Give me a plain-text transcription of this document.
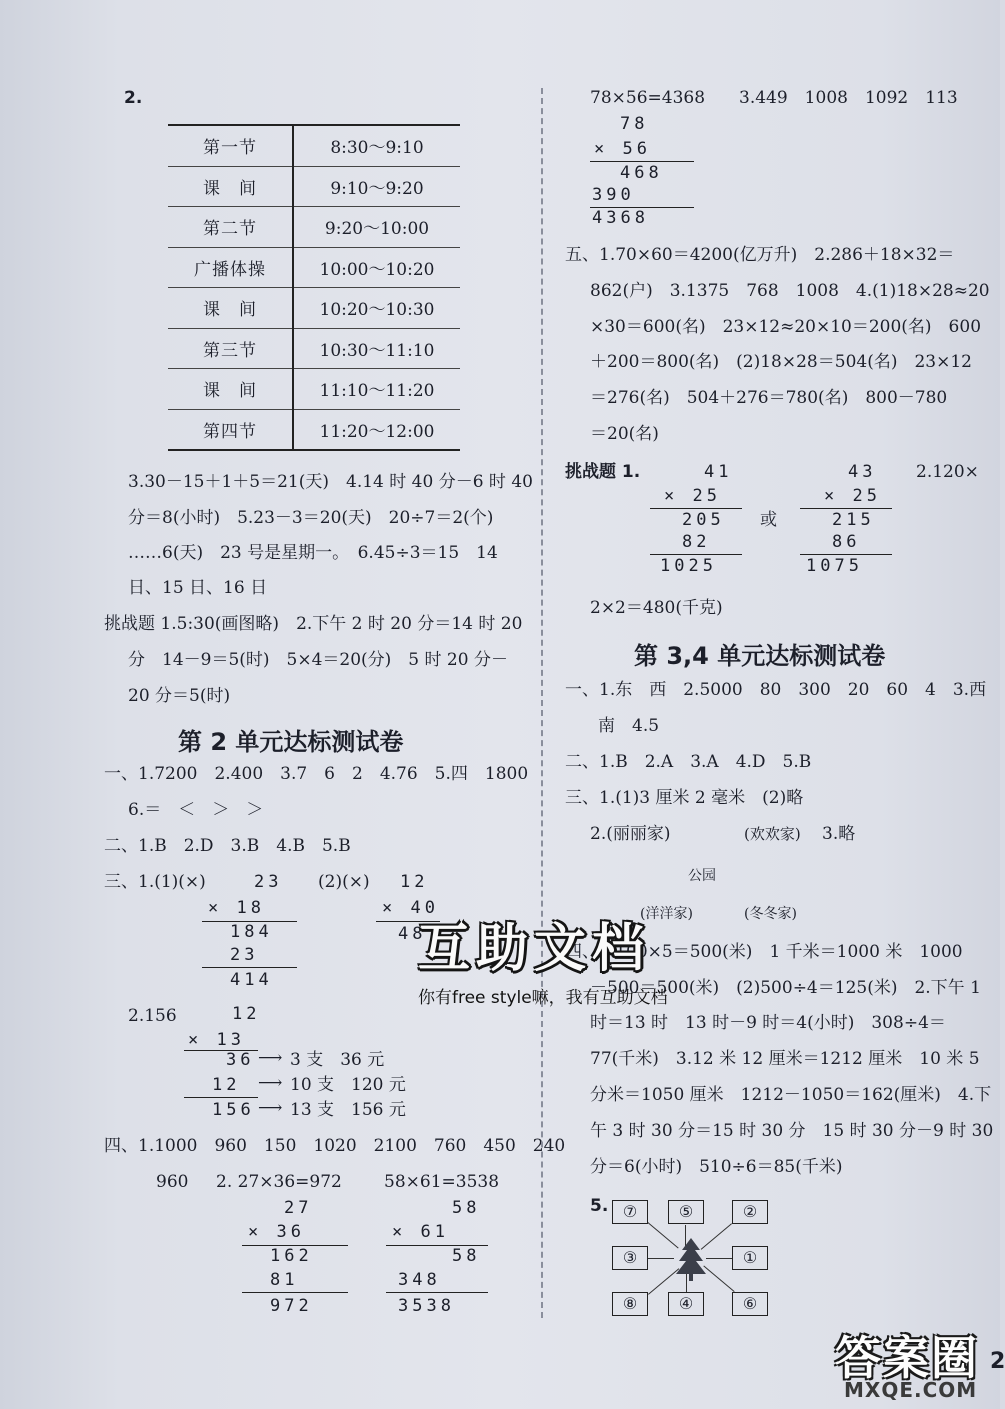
2.
第一节	8:30～9:10
课　间	9:10～9:20
第二节	9:20～10:00
广播体操	10:00～10:20
课　间	10:20～10:30
第三节	10:30～11:10
课　间	11:10～11:20
第四节	11:20～12:00
3.30－15＋1＋5＝21(天)　4.14 时 40 分－6 时 40
分＝8(小时)　5.23－3＝20(天)　20÷7＝2(个)
……6(天)　23 号是星期一。　6.45÷3＝15　14
日、15 日、16 日
挑战题 1.5:30(画图略)　2.下午 2 时 20 分＝14 时 20
分　14－9＝5(时)　5×4＝20(分)　5 时 20 分－
20 分＝5(时)
第 2 单元达标测试卷
一、1.7200　2.400　3.7　6　2　4.76　5.四　1800
6.＝　＜　＞　＞
二、1.B　2.D　3.B　4.B　5.B
三、1.(1)(×)	23
× 18
184
23
414
(2)(×) 12
× 40
48
2.156	12
× 13
36
12
156
⟶ 3 支　36 元
⟶ 10 支　120 元
⟶ 13 支　156 元
四、1.1000　960　150　1020　2100　760　450　240
960 2. 27×36=972 58×61=3538
27
× 36
162
81
972
58
× 61
58
348
3538
78×56=4368　　3.449　1008　1092　113
78
× 56
468
390
4368
五、1.70×60＝4200(亿万升)　2.286＋18×32＝
862(户)　3.1375　768　1008　4.(1)18×28≈20
×30＝600(名)　23×12≈20×10＝200(名)　600
＋200＝800(名)　(2)18×28＝504(名)　23×12
＝276(名)　504＋276＝780(名)　800－780
＝20(名)
挑战题 1.	41
× 25
205
82
1025
或
43
× 25
215
86
1075
2.120×
2×2＝480(千克)
第 3,4 单元达标测试卷
一、1.东　西　2.5000　80　300　20　60　4　3.西
南　4.5
二、1.B　2.A　3.A　4.D　5.B
三、1.(1)3 厘米 2 毫米　(2)略
2.(丽丽家)	(欢欢家) 3.略
公园
(洋洋家)	(冬冬家)
四、1.100×5＝500(米)　1 千米＝1000 米　1000
－500＝500(米)　(2)500÷4＝125(米)　2.下午 1
时＝13 时　13 时－9 时＝4(小时)　308÷4＝
77(千米)　3.12 米 12 厘米＝1212 厘米　10 米 5
分米＝1050 厘米　1212－1050＝162(厘米)　4.下
午 3 时 30 分＝15 时 30 分　15 时 30 分－9 时 30
分＝6(小时)　510÷6＝85(千米)
5. ⑦	⑤	②
③	①
⑧	④	⑥
互助文档
你有free style嘛，我有互助文档
答案圈
MXQE.COM
2
